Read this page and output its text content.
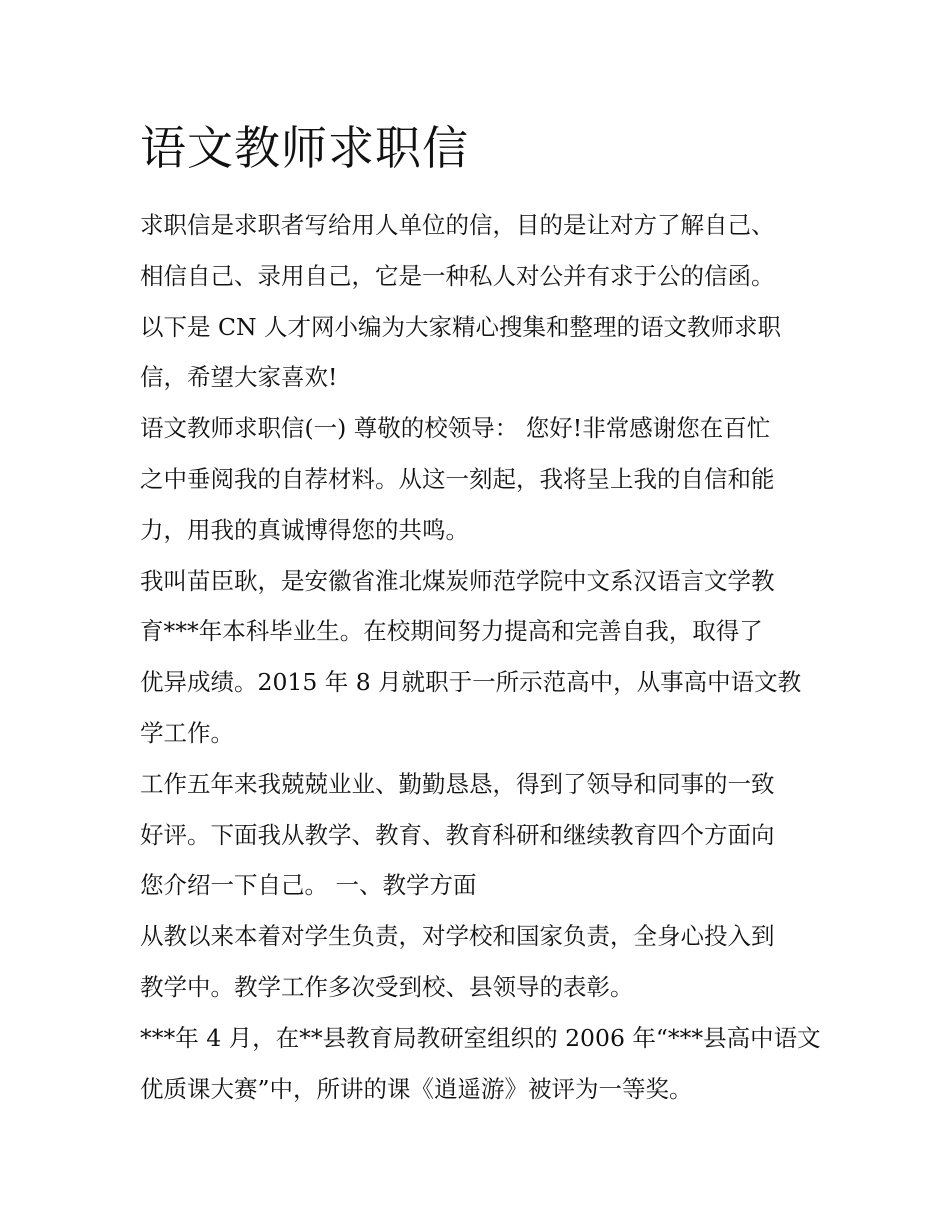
语文教师求职信
求职信是求职者写给用人单位的信，目的是让对方了解自己、
相信自己、录用自己，它是一种私人对公并有求于公的信函。
以下是 CN 人才网小编为大家精心搜集和整理的语文教师求职
信，希望大家喜欢!
语文教师求职信(一) 尊敬的校领导： 您好!非常感谢您在百忙
之中垂阅我的自荐材料。从这一刻起，我将呈上我的自信和能
力，用我的真诚博得您的共鸣。
我叫苗臣耿，是安徽省淮北煤炭师范学院中文系汉语言文学教
育***年本科毕业生。在校期间努力提高和完善自我，取得了
优异成绩。2015 年 8 月就职于一所示范高中，从事高中语文教
学工作。
工作五年来我兢兢业业、勤勤恳恳，得到了领导和同事的一致
好评。下面我从教学、教育、教育科研和继续教育四个方面向
您介绍一下自己。 一、教学方面
从教以来本着对学生负责，对学校和国家负责，全身心投入到
教学中。教学工作多次受到校、县领导的表彰。
***年 4 月，在**县教育局教研室组织的 2006 年“***县高中语文
优质课大赛”中，所讲的课《逍遥游》被评为一等奖。
